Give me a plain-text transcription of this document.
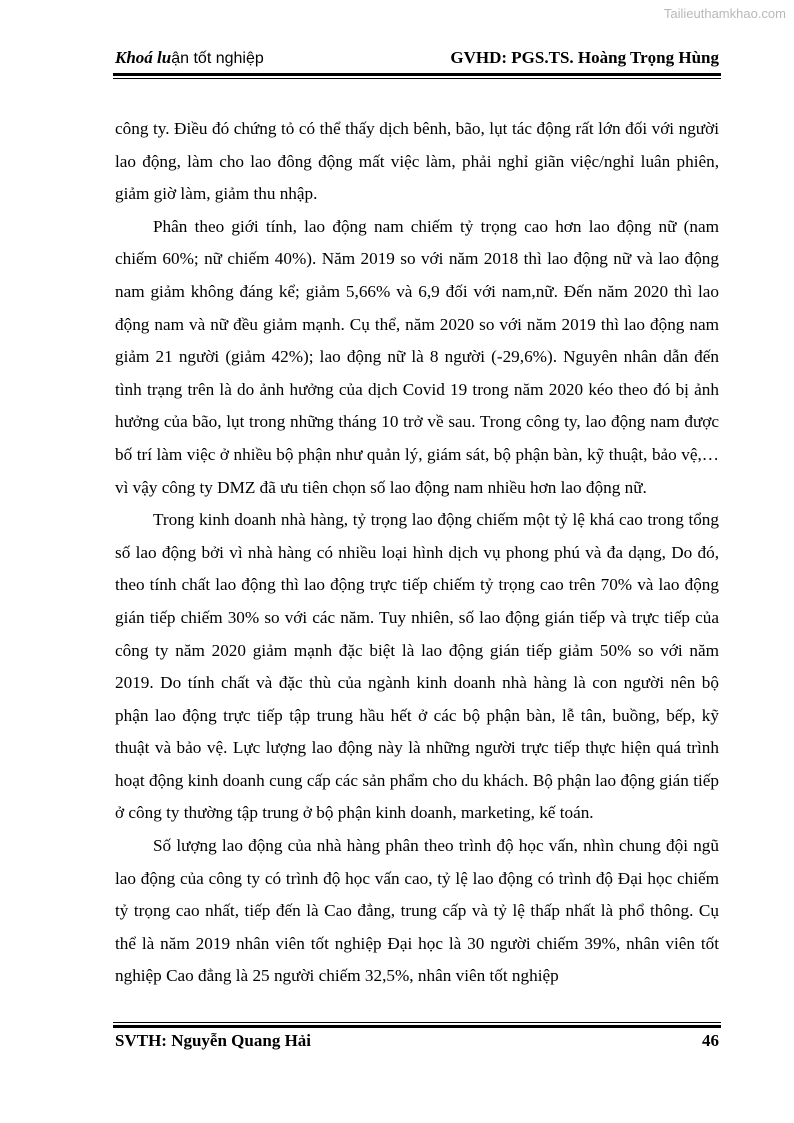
Tailieuthamkhao.com
Khoá luận tốt nghiệp	GVHD: PGS.TS. Hoàng Trọng Hùng

công ty. Điều đó chứng tỏ có thể thấy dịch bênh, bão, lụt tác động rất lớn đối với người lao động, làm cho lao đông động mất việc làm, phải nghỉ giãn việc/nghỉ luân phiên, giảm giờ làm, giảm thu nhập.

Phân theo giới tính, lao động nam chiếm tỷ trọng cao hơn lao động nữ (nam chiếm 60%; nữ chiếm 40%). Năm 2019 so với năm 2018 thì lao động nữ và lao động nam giảm không đáng kể; giảm 5,66% và 6,9 đối với nam,nữ. Đến năm 2020 thì lao động nam và nữ đều giảm mạnh. Cụ thể, năm 2020 so với năm 2019 thì lao động nam giảm 21 người (giảm 42%); lao động nữ là 8 người (-29,6%). Nguyên nhân dẫn đến tình trạng trên là do ảnh hưởng của dịch Covid 19 trong năm 2020 kéo theo đó bị ảnh hưởng của bão, lụt trong những tháng 10 trở về sau. Trong công ty, lao động nam được bố trí làm việc ở nhiều bộ phận như quản lý, giám sát, bộ phận bàn, kỹ thuật, bảo vệ,… vì vậy công ty DMZ đã ưu tiên chọn số lao động nam nhiều hơn lao động nữ.

Trong kinh doanh nhà hàng, tỷ trọng lao động chiếm một tỷ lệ khá cao trong tổng số lao động bởi vì nhà hàng có nhiều loại hình dịch vụ phong phú và đa dạng, Do đó, theo tính chất lao động thì lao động trực tiếp chiếm tỷ trọng cao trên 70% và lao động gián tiếp chiếm 30% so với các năm. Tuy nhiên, số lao động gián tiếp và trực tiếp của công ty năm 2020 giảm mạnh đặc biệt là lao động gián tiếp giảm 50% so với năm 2019. Do tính chất và đặc thù của ngành kinh doanh nhà hàng là con người nên bộ phận lao động trực tiếp tập trung hầu hết ở các bộ phận bàn, lễ tân, buồng, bếp, kỹ thuật và bảo vệ. Lực lượng lao động này là những người trực tiếp thực hiện quá trình hoạt động kinh doanh cung cấp các sản phẩm cho du khách. Bộ phận lao động gián tiếp ở công ty thường tập trung ở bộ phận kinh doanh, marketing, kế toán.

Số lượng lao động của nhà hàng phân theo trình độ học vấn, nhìn chung đội ngũ lao động của công ty có trình độ học vấn cao, tỷ lệ lao động có trình độ Đại học chiếm tỷ trọng cao nhất, tiếp đến là Cao đẳng, trung cấp và tỷ lệ thấp nhất là phổ thông. Cụ thể là năm 2019 nhân viên tốt nghiệp Đại học là 30 người chiếm 39%, nhân viên tốt nghiệp Cao đẳng là 25 người chiếm 32,5%, nhân viên tốt nghiệp

SVTH: Nguyễn Quang Hải	46
